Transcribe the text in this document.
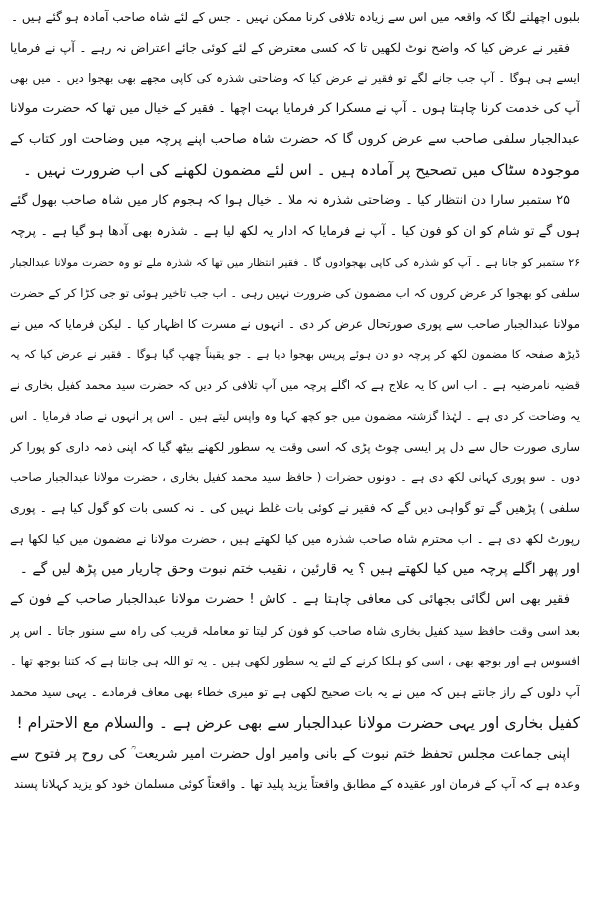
بلبوں اچھلنے لگا کہ واقعہ میں اس سے زیادہ تلافی کرنا ممکن نہیں ۔ جس کے لئے شاہ صاحب آمادہ ہو گئے ہیں ۔
فقیر نے عرض کیا کہ واضح نوٹ لکھیں تا کہ کسی معترض کے لئے کوئی جائے اعتراض نہ رہے ۔ آپ نے فرمایا
ایسے ہی ہوگا ۔ آپ جب جانے لگے تو فقیر نے عرض کیا کہ وضاحتی شذرہ کی کاپی مجھے بھی بھجوا دیں ۔ میں بھی
آپ کی خدمت کرنا چاہتا ہوں ۔ آپ نے مسکرا کر فرمایا بہت اچھا ۔ فقیر کے خیال میں تھا کہ حضرت مولانا
عبدالجبار سلفی صاحب سے عرض کروں گا کہ حضرت شاہ صاحب اپنے پرچہ میں وضاحت اور کتاب کے
موجودہ سٹاک میں تصحیح پر آمادہ ہیں ۔ اس لئے مضمون لکھنے کی اب ضرورت نہیں ۔
۲۵ ستمبر سارا دن انتظار کیا ۔ وضاحتی شذرہ نہ ملا ۔ خیال ہوا کہ ہجوم کار میں شاہ صاحب بھول گئے
ہوں گے تو شام کو ان کو فون کیا ۔ آپ نے فرمایا کہ ادار یہ لکھ لیا ہے ۔ شذرہ بھی آدھا ہو گیا ہے ۔ پرچہ
۲۶ ستمبر کو جانا ہے ۔ آپ کو شذرہ کی کاپی بھجوادوں گا ۔ فقیر انتظار میں تھا کہ شذرہ ملے تو وہ حضرت مولانا عبدالجبار
سلفی کو بھجوا کر عرض کروں کہ اب مضمون کی ضرورت نہیں رہی ۔ اب جب تاخیر ہوئی تو جی کڑا کر کے حضرت
مولانا عبدالجبار صاحب سے پوری صورتحال عرض کر دی ۔ انہوں نے مسرت کا اظہار کیا ۔ لیکن فرمایا کہ میں نے
ڈیڑھ صفحہ کا مضمون لکھ کر پرچہ دو دن ہوئے پریس بھجوا دیا ہے ۔ جو یقیناً چھپ گیا ہوگا ۔ فقیر نے عرض کیا کہ یہ
قضیہ نامرضیہ ہے ۔ اب اس کا یہ علاج ہے کہ اگلے پرچہ میں آپ تلافی کر دیں کہ حضرت سید محمد کفیل بخاری نے
یہ وضاحت کر دی ہے ۔ لہٰذا گزشتہ مضمون میں جو کچھ کہا وہ واپس لیتے ہیں ۔ اس پر انہوں نے صاد فرمایا ۔ اس
ساری صورت حال سے دل پر ایسی چوٹ پڑی کہ اسی وقت یہ سطور لکھنے بیٹھ گیا کہ اپنی ذمہ داری کو پورا کر
دوں ۔ سو پوری کہانی لکھ دی ہے ۔ دونوں حضرات ( حافظ سید محمد کفیل بخاری ، حضرت مولانا عبدالجبار صاحب
سلفی ) پڑھیں گے تو گواہی دیں گے کہ فقیر نے کوئی بات غلط نہیں کی ۔ نہ کسی بات کو گول کیا ہے ۔ پوری
رپورٹ لکھ دی ہے ۔ اب محترم شاہ صاحب شذرہ میں کیا لکھتے ہیں ، حضرت مولانا نے مضمون میں کیا لکھا ہے
اور پھر اگلے پرچہ میں کیا لکھتے ہیں ؟ یہ قارئین ، نقیب ختم نبوت وحق چاریار میں پڑھ لیں گے ۔
فقیر بھی اس لگائی بجھائی کی معافی چاہتا ہے ۔ کاش ! حضرت مولانا عبدالجبار صاحب کے فون کے
بعد اسی وقت حافظ سید کفیل بخاری شاہ صاحب کو فون کر لیتا تو معاملہ قریب کی راہ سے سنور جاتا ۔ اس پر
افسوس ہے اور بوجھ بھی ، اسی کو ہلکا کرنے کے لئے یہ سطور لکھی ہیں ۔ یہ تو اللہ ہی جانتا ہے کہ کتنا بوجھ تھا ۔
آپ دلوں کے راز جانتے ہیں کہ میں نے یہ بات صحیح لکھی ہے تو میری خطاء بھی معاف فرمادے ۔ یہی سید محمد
کفیل بخاری اور یہی حضرت مولانا عبدالجبار سے بھی عرض ہے ۔ والسلام مع الاحترام !
اپنی جماعت مجلس تحفظ ختم نبوت کے بانی وامیر اول حضرت امیر شریعت ؒ کی روح پر فتوح سے
وعدہ ہے کہ آپ کے فرمان اور عقیدہ کے مطابق واقعتاً یزید پلید تھا ۔ واقعتاً کوئی مسلمان خود کو یزید کہلانا پسند
